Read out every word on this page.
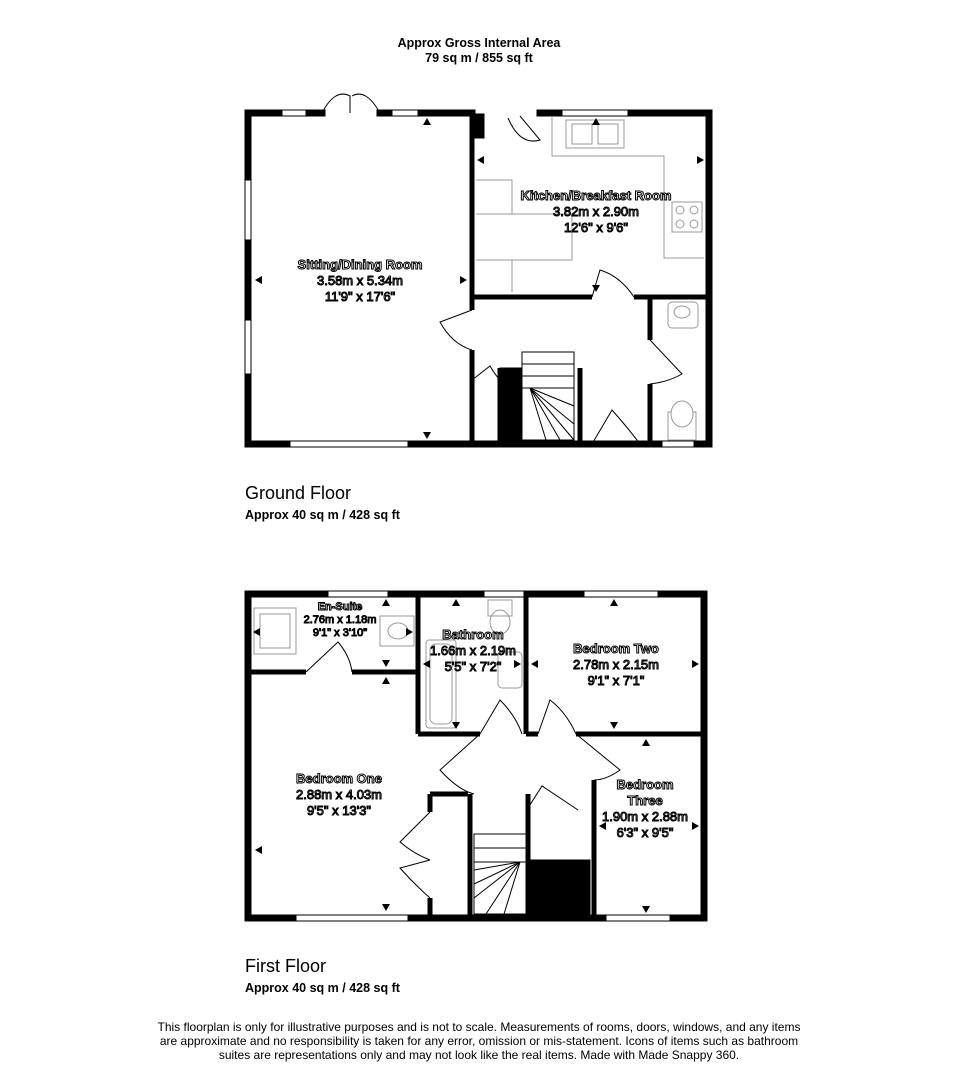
Approx Gross Internal Area
79 sq m / 855 sq ft
Sitting/Dining Room
3.58m x 5.34m
11'9" x 17'6"
Kitchen/Breakfast Room
3.82m x 2.90m
12'6" x 9'6"
En-Suite
2.76m x 1.18m
9'1" x 3'10"	Bathroom
1.66m x 2.19m
5'5" x 7'2"
Bedroom Two
2.78m x 2.15m
9'1" x 7'1"
Bedroom One
2.88m x 4.03m
9'5" x 13'3"
Bedroom
Three
1.90m x 2.88m
6'3" x 9'5"
Ground Floor
Approx 40 sq m / 428 sq ft
First Floor
Approx 40 sq m / 428 sq ft
This floorplan is only for illustrative purposes and is not to scale. Measurements of rooms, doors, windows, and any items are approximate and no responsibility is taken for any error, omission or mis-statement. Icons of items such as bathroom suites are representations only and may not look like the real items. Made with Made Snappy 360.
